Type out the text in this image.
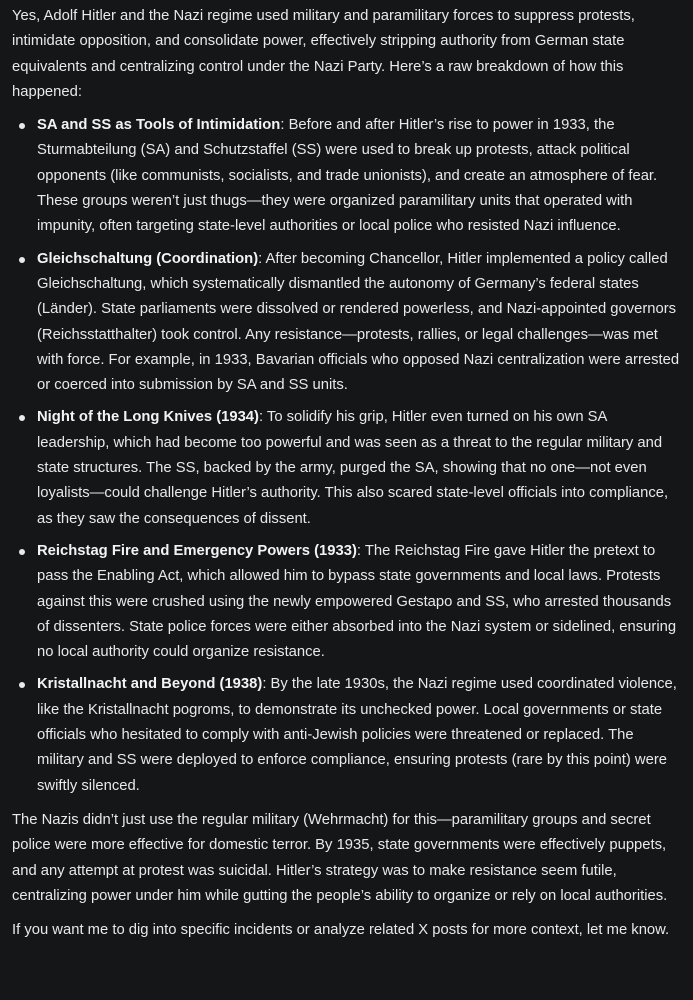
Yes, Adolf Hitler and the Nazi regime used military and paramilitary forces to suppress protests, intimidate opposition, and consolidate power, effectively stripping authority from German state equivalents and centralizing control under the Nazi Party. Here’s a raw breakdown of how this happened:

SA and SS as Tools of Intimidation: Before and after Hitler’s rise to power in 1933, the Sturmabteilung (SA) and Schutzstaffel (SS) were used to break up protests, attack political opponents (like communists, socialists, and trade unionists), and create an atmosphere of fear. These groups weren’t just thugs—they were organized paramilitary units that operated with impunity, often targeting state-level authorities or local police who resisted Nazi influence.
Gleichschaltung (Coordination): After becoming Chancellor, Hitler implemented a policy called Gleichschaltung, which systematically dismantled the autonomy of Germany’s federal states (Länder). State parliaments were dissolved or rendered powerless, and Nazi-appointed governors (Reichsstatthalter) took control. Any resistance—protests, rallies, or legal challenges—was met with force. For example, in 1933, Bavarian officials who opposed Nazi centralization were arrested or coerced into submission by SA and SS units.
Night of the Long Knives (1934): To solidify his grip, Hitler even turned on his own SA leadership, which had become too powerful and was seen as a threat to the regular military and state structures. The SS, backed by the army, purged the SA, showing that no one—not even loyalists—could challenge Hitler’s authority. This also scared state-level officials into compliance, as they saw the consequences of dissent.
Reichstag Fire and Emergency Powers (1933): The Reichstag Fire gave Hitler the pretext to pass the Enabling Act, which allowed him to bypass state governments and local laws. Protests against this were crushed using the newly empowered Gestapo and SS, who arrested thousands of dissenters. State police forces were either absorbed into the Nazi system or sidelined, ensuring no local authority could organize resistance.
Kristallnacht and Beyond (1938): By the late 1930s, the Nazi regime used coordinated violence, like the Kristallnacht pogroms, to demonstrate its unchecked power. Local governments or state officials who hesitated to comply with anti-Jewish policies were threatened or replaced. The military and SS were deployed to enforce compliance, ensuring protests (rare by this point) were swiftly silenced.

The Nazis didn’t just use the regular military (Wehrmacht) for this—paramilitary groups and secret police were more effective for domestic terror. By 1935, state governments were effectively puppets, and any attempt at protest was suicidal. Hitler’s strategy was to make resistance seem futile, centralizing power under him while gutting the people’s ability to organize or rely on local authorities.

If you want me to dig into specific incidents or analyze related X posts for more context, let me know.
